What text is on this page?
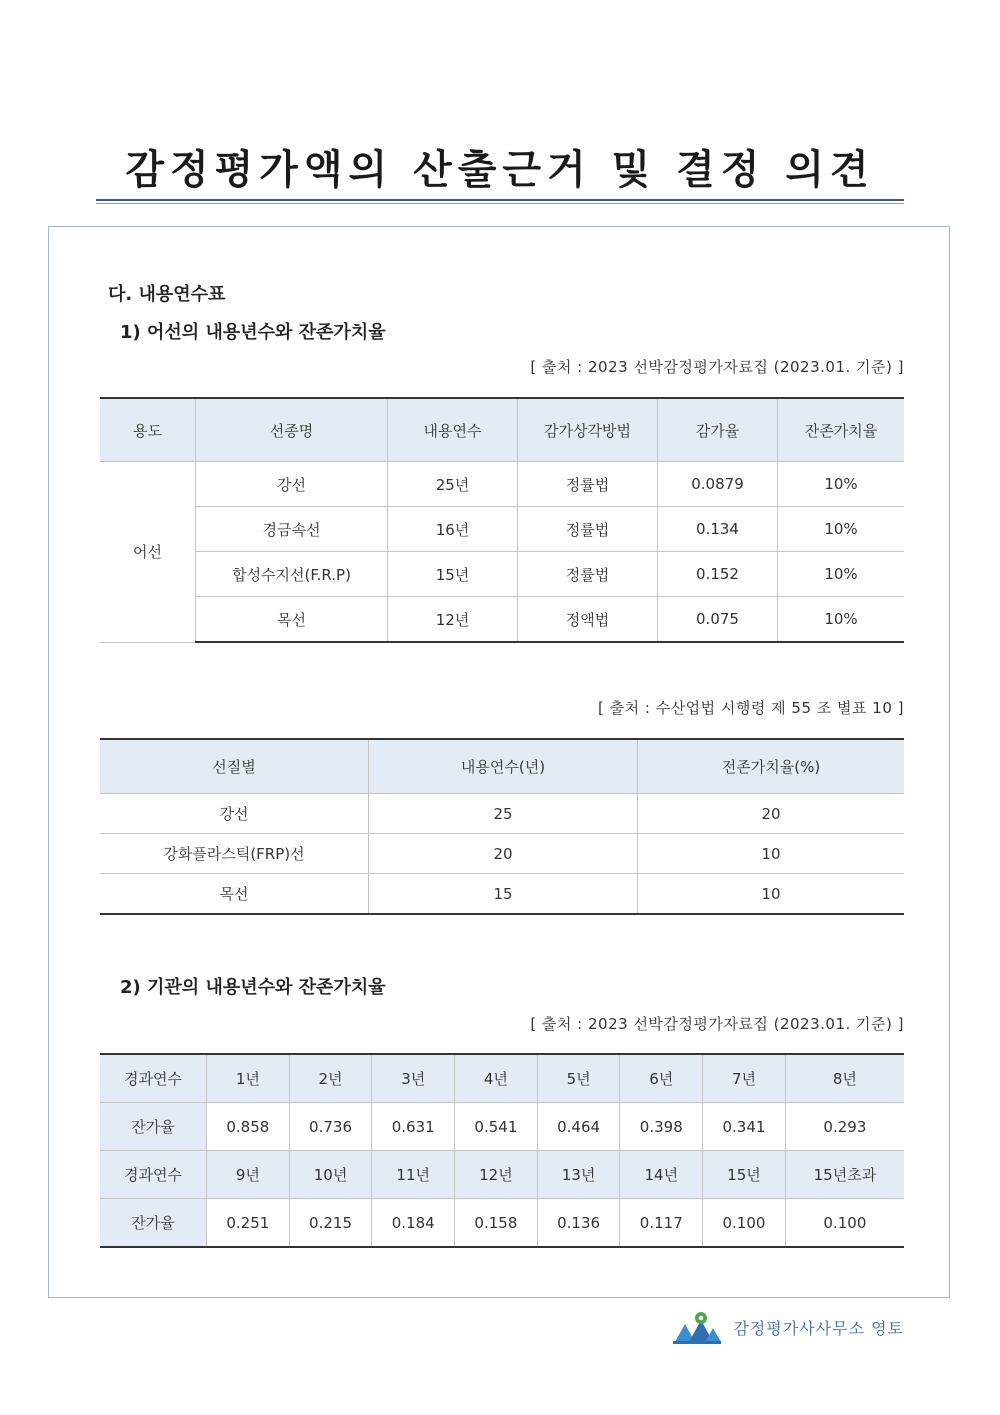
감정평가액의 산출근거 및 결정 의견
다. 내용연수표
1) 어선의 내용년수와 잔존가치율
[ 출처 : 2023 선박감정평가자료집 (2023.01. 기준) ]
용도	선종명	내용연수	감가상각방법	감가율	잔존가치율
어선	강선	25년	정률법	0.0879	10%
	경금속선	16년	정률법	0.134	10%
	합성수지선(F.R.P)	15년	정률법	0.152	10%
	목선	12년	정액법	0.075	10%
[ 출처 : 수산업법 시행령 제 55 조 별표 10 ]
선질별	내용연수(년)	전존가치율(%)
강선	25	20
강화플라스틱(FRP)선	20	10
목선	15	10
2) 기관의 내용년수와 잔존가치율
[ 출처 : 2023 선박감정평가자료집 (2023.01. 기준) ]
경과연수	1년	2년	3년	4년	5년	6년	7년	8년
잔가율	0.858	0.736	0.631	0.541	0.464	0.398	0.341	0.293
경과연수	9년	10년	11년	12년	13년	14년	15년	15년초과
잔가율	0.251	0.215	0.184	0.158	0.136	0.117	0.100	0.100
감정평가사사무소 영토
